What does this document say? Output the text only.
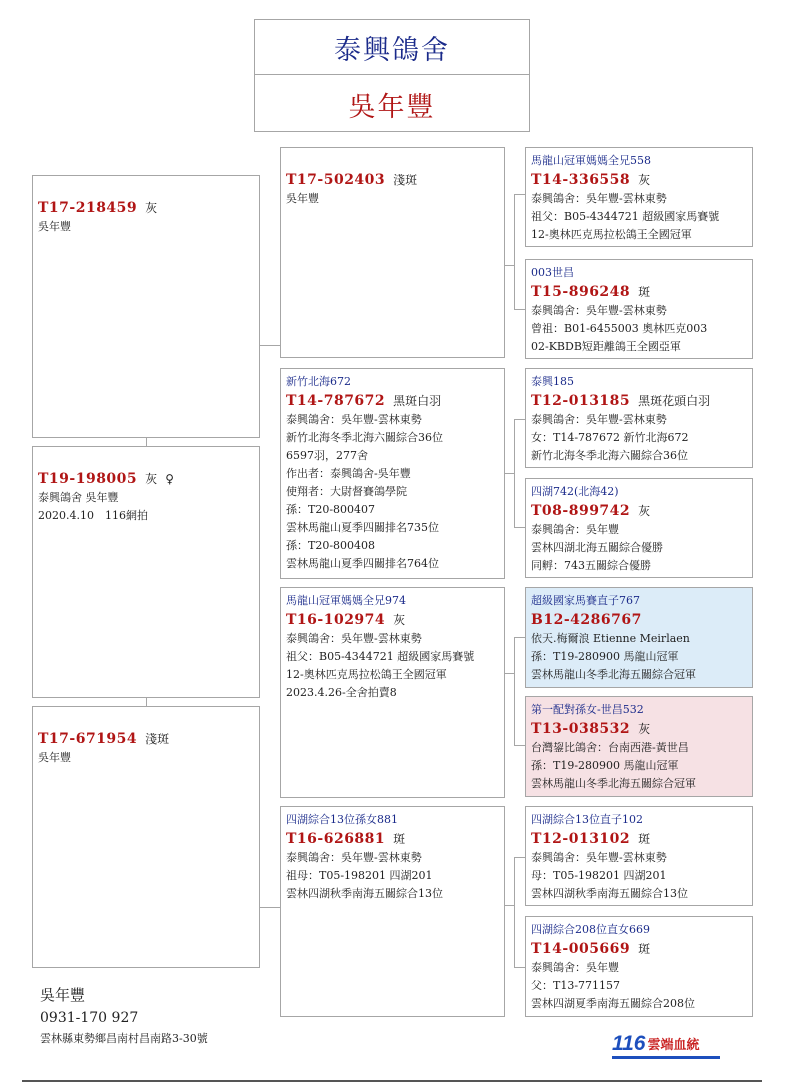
泰興鴿舍
吳年豐

T17-218459 灰
吳年豐

T19-198005 灰 ♀
泰興鴿舍 吳年豐
2020.4.10　116網拍

T17-671954 淺斑
吳年豐

T17-502403 淺斑
吳年豐
新竹北海672
T14-787672 黑斑白羽
泰興鴿舍：吳年豐-雲林東勢
新竹北海冬季北海六關綜合36位
6597羽，277舍
作出者：泰興鴿舍-吳年豐
使翔者：大尉督賽鴿學院
孫：T20-800407
雲林馬龍山夏季四關排名735位
孫：T20-800408
雲林馬龍山夏季四關排名764位
馬龍山冠軍媽媽全兄974
T16-102974 灰
泰興鴿舍：吳年豐-雲林東勢
祖父：B05-4344721 超級國家馬賽號
12-奧林匹克馬拉松鴿王全國冠軍
2023.4.26-全舍拍賣8
四湖綜合13位孫女881
T16-626881 斑
泰興鴿舍：吳年豐-雲林東勢
祖母：T05-198201 四湖201
雲林四湖秋季南海五關綜合13位
馬龍山冠軍媽媽全兄558
T14-336558 灰
泰興鴿舍：吳年豐-雲林東勢
祖父：B05-4344721 超級國家馬賽號
12-奧林匹克馬拉松鴿王全國冠軍
003世昌
T15-896248 斑
泰興鴿舍：吳年豐-雲林東勢
曾祖：B01-6455003 奧林匹克003
02-KBDB短距離鴿王全國亞軍
泰興185
T12-013185 黑斑花頭白羽
泰興鴿舍：吳年豐-雲林東勢
女：T14-787672 新竹北海672
新竹北海冬季北海六關綜合36位
四湖742(北海42)
T08-899742 灰
泰興鴿舍：吳年豐
雲林四湖北海五關綜合優勝
同孵：743五關綜合優勝
超級國家馬賽直子767
B12-4286767
依天.梅爾浪 Etienne Meirlaen
孫：T19-280900 馬龍山冠軍
雲林馬龍山冬季北海五關綜合冠軍
第一配對孫女-世昌532
T13-038532 灰
台灣鋆比鴿舍：台南西港-黃世昌
孫：T19-280900 馬龍山冠軍
雲林馬龍山冬季北海五關綜合冠軍
四湖綜合13位直子102
T12-013102 斑
泰興鴿舍：吳年豐-雲林東勢
母：T05-198201 四湖201
雲林四湖秋季南海五關綜合13位
四湖綜合208位直女669
T14-005669 斑
泰興鴿舍：吳年豐
父：T13-771157
雲林四湖夏季南海五關綜合208位
吳年豐
0931-170 927
雲林縣東勢鄉昌南村昌南路3-30號	116 雲端血統
